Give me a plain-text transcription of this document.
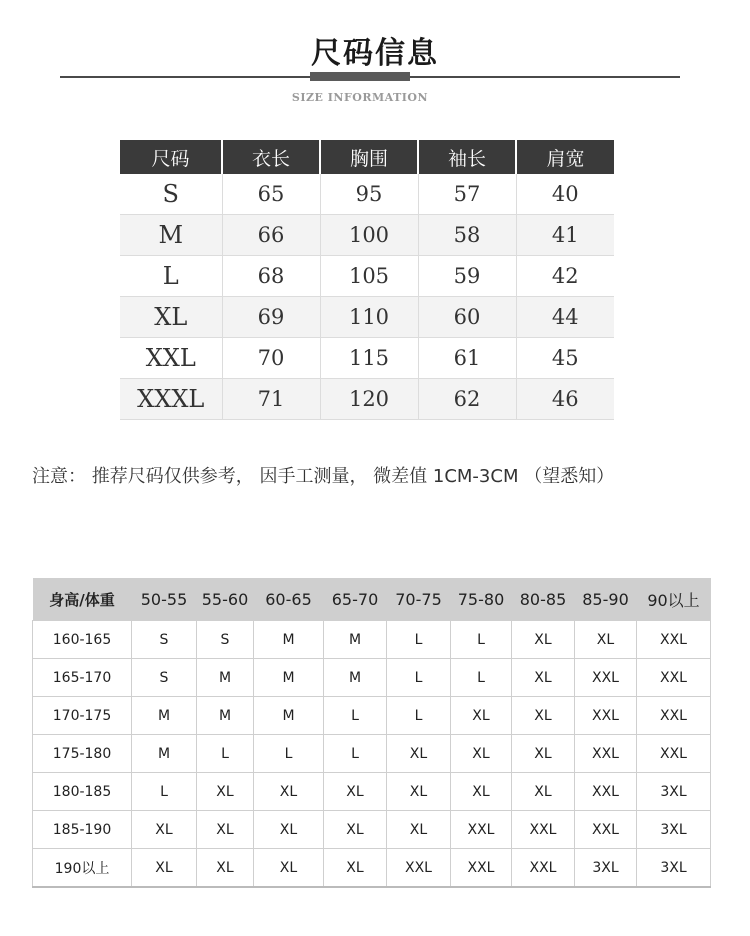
尺码信息
SIZE INFORMATION
尺码	衣长	胸围	袖长	肩宽
S	65	95	57	40
M	66	100	58	41
L	68	105	59	42
XL	69	110	60	44
XXL	70	115	61	45
XXXL	71	120	62	46
注意： 推荐尺码仅供参考， 因手工测量， 微差值 1CM-3CM （望悉知）
身高/体重	50-55	55-60	60-65	65-70	70-75	75-80	80-85	85-90	90以上
160-165	S	S	M	M	L	L	XL	XL	XXL
165-170	S	M	M	M	L	L	XL	XXL	XXL
170-175	M	M	M	L	L	XL	XL	XXL	XXL
175-180	M	L	L	L	XL	XL	XL	XXL	XXL
180-185	L	XL	XL	XL	XL	XL	XL	XXL	3XL
185-190	XL	XL	XL	XL	XL	XXL	XXL	XXL	3XL
190以上	XL	XL	XL	XL	XXL	XXL	XXL	3XL	3XL
